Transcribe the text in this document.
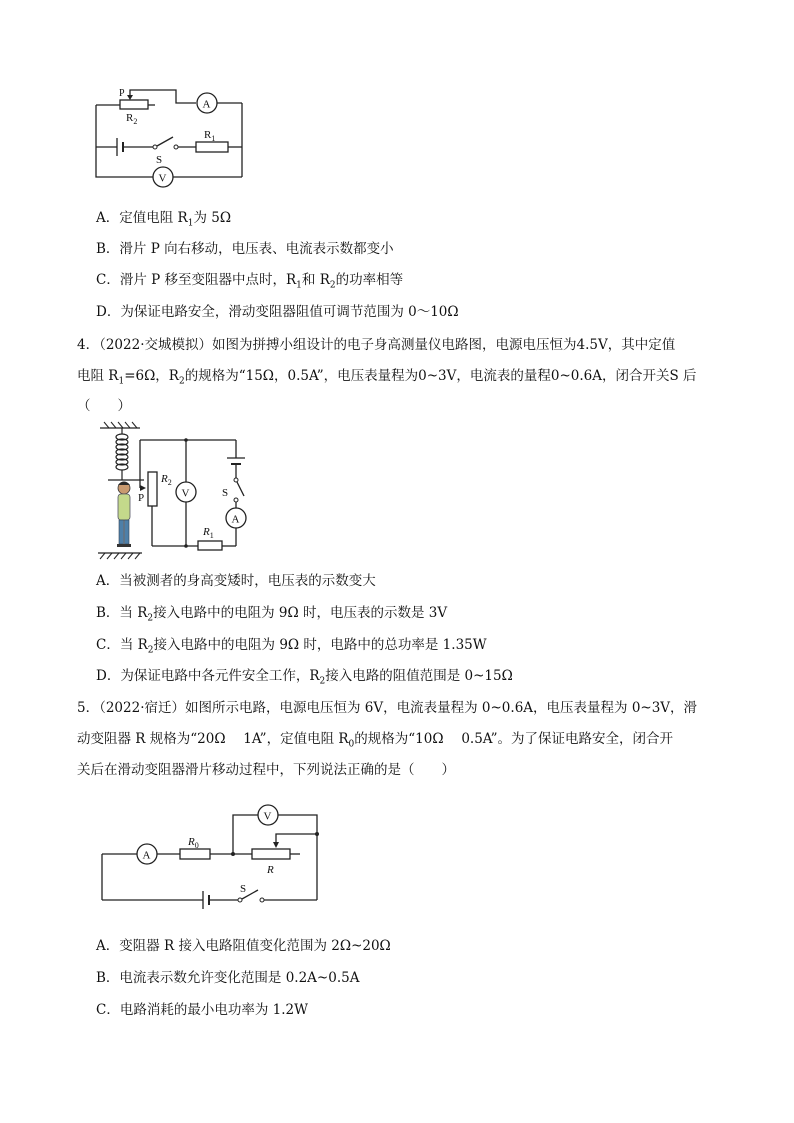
P
$R_2$
A
S
$R_1$
V
A．定值电阻 $R_1$为 5Ω
B．滑片 P 向右移动，电压表、电流表示数都变小
C．滑片 P 移至变阻器中点时，$R_1$和 $R_2$的功率相等
D．为保证电路安全，滑动变阻器阻值可调节范围为 0～10Ω
4．（2022·交城模拟）如图为拼搏小组设计的电子身高测量仪电路图，电源电压恒为4.5V，其中定值
电阻 $R_1=6\Omega$，$R_2$的规格为“15Ω，0.5A”，电压表量程为0~3V，电流表的量程0~0.6A，闭合开关S 后
（　　）
P
$R_2$
V
$R_1$
S
A
A．当被测者的身高变矮时，电压表的示数变大
B．当 $R_2$接入电路中的电阻为 9Ω 时，电压表的示数是 3V
C．当 $R_2$接入电路中的电阻为 9Ω 时，电路中的总功率是 1.35W
D．为保证电路中各元件安全工作，$R_2$接入电路的阻值范围是 0~15Ω
5．（2022·宿迁）如图所示电路，电源电压恒为 6V，电流表量程为 0~0.6A，电压表量程为 0~3V，滑
动变阻器 R 规格为“20Ω　 1A”，定值电阻 $R_0$的规格为“10Ω　 0.5A”。为了保证电路安全，闭合开
关后在滑动变阻器滑片移动过程中，下列说法正确的是（　　）
A
$R_0$
V
R
S
A．变阻器 R 接入电路阻值变化范围为 2Ω~20Ω
B．电流表示数允许变化范围是 0.2A~0.5A
C．电路消耗的最小电功率为 1.2W
